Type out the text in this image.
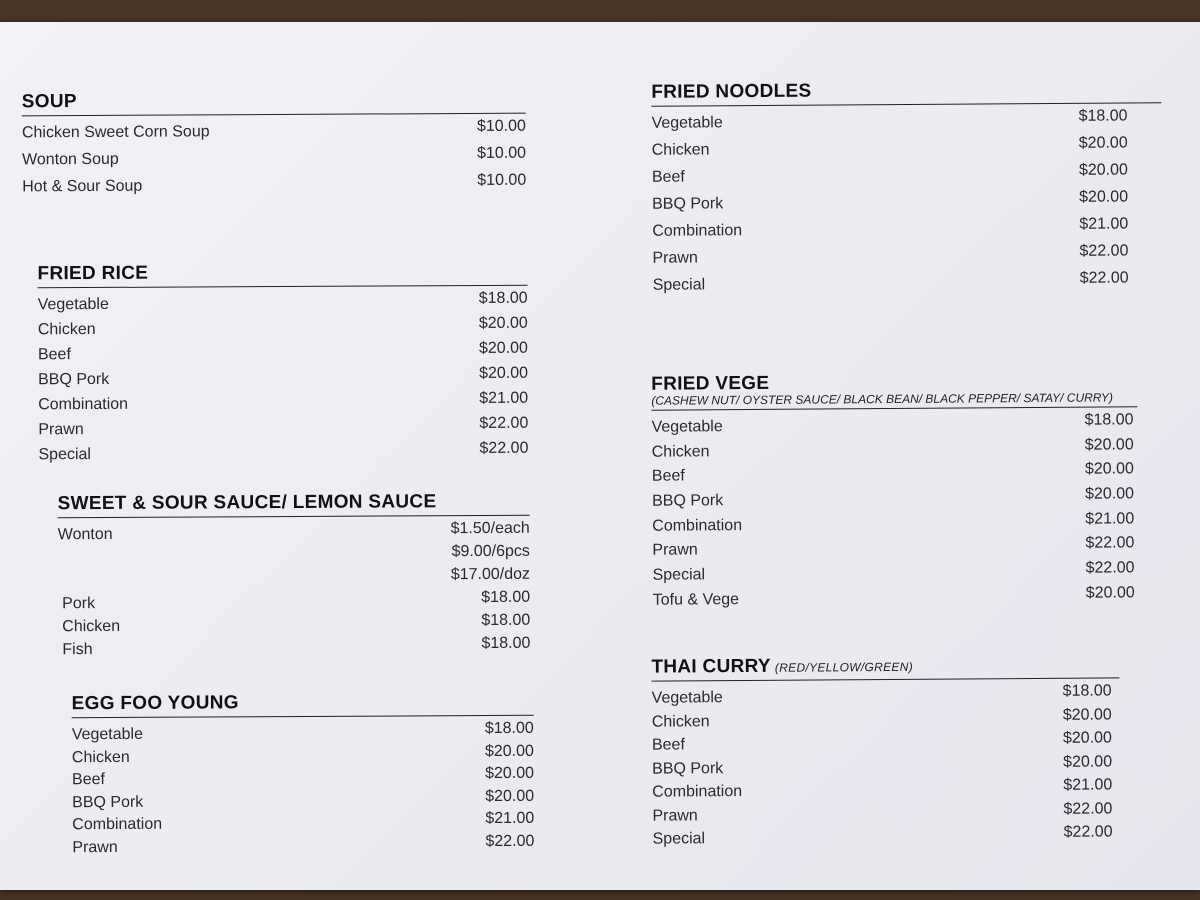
SOUP
Chicken Sweet Corn Soup	$10.00
Wonton Soup	$10.00
Hot & Sour Soup	$10.00
FRIED RICE
Vegetable	$18.00
Chicken	$20.00
Beef	$20.00
BBQ Pork	$20.00
Combination	$21.00
Prawn	$22.00
Special	$22.00
SWEET & SOUR SAUCE/ LEMON SAUCE
Wonton	$1.50/each
$9.00/6pcs
$17.00/doz
Pork	$18.00
Chicken	$18.00
Fish	$18.00
EGG FOO YOUNG
Vegetable	$18.00
Chicken	$20.00
Beef	$20.00
BBQ Pork	$20.00
Combination	$21.00
Prawn	$22.00
FRIED NOODLES
Vegetable	$18.00
Chicken	$20.00
Beef	$20.00
BBQ Pork	$20.00
Combination	$21.00
Prawn	$22.00
Special	$22.00
FRIED VEGE
(CASHEW NUT/ OYSTER SAUCE/ BLACK BEAN/ BLACK PEPPER/ SATAY/ CURRY)
Vegetable	$18.00
Chicken	$20.00
Beef	$20.00
BBQ Pork	$20.00
Combination	$21.00
Prawn	$22.00
Special	$22.00
Tofu & Vege	$20.00
THAI CURRY (RED/YELLOW/GREEN)
Vegetable	$18.00
Chicken	$20.00
Beef	$20.00
BBQ Pork	$20.00
Combination	$21.00
Prawn	$22.00
Special	$22.00
